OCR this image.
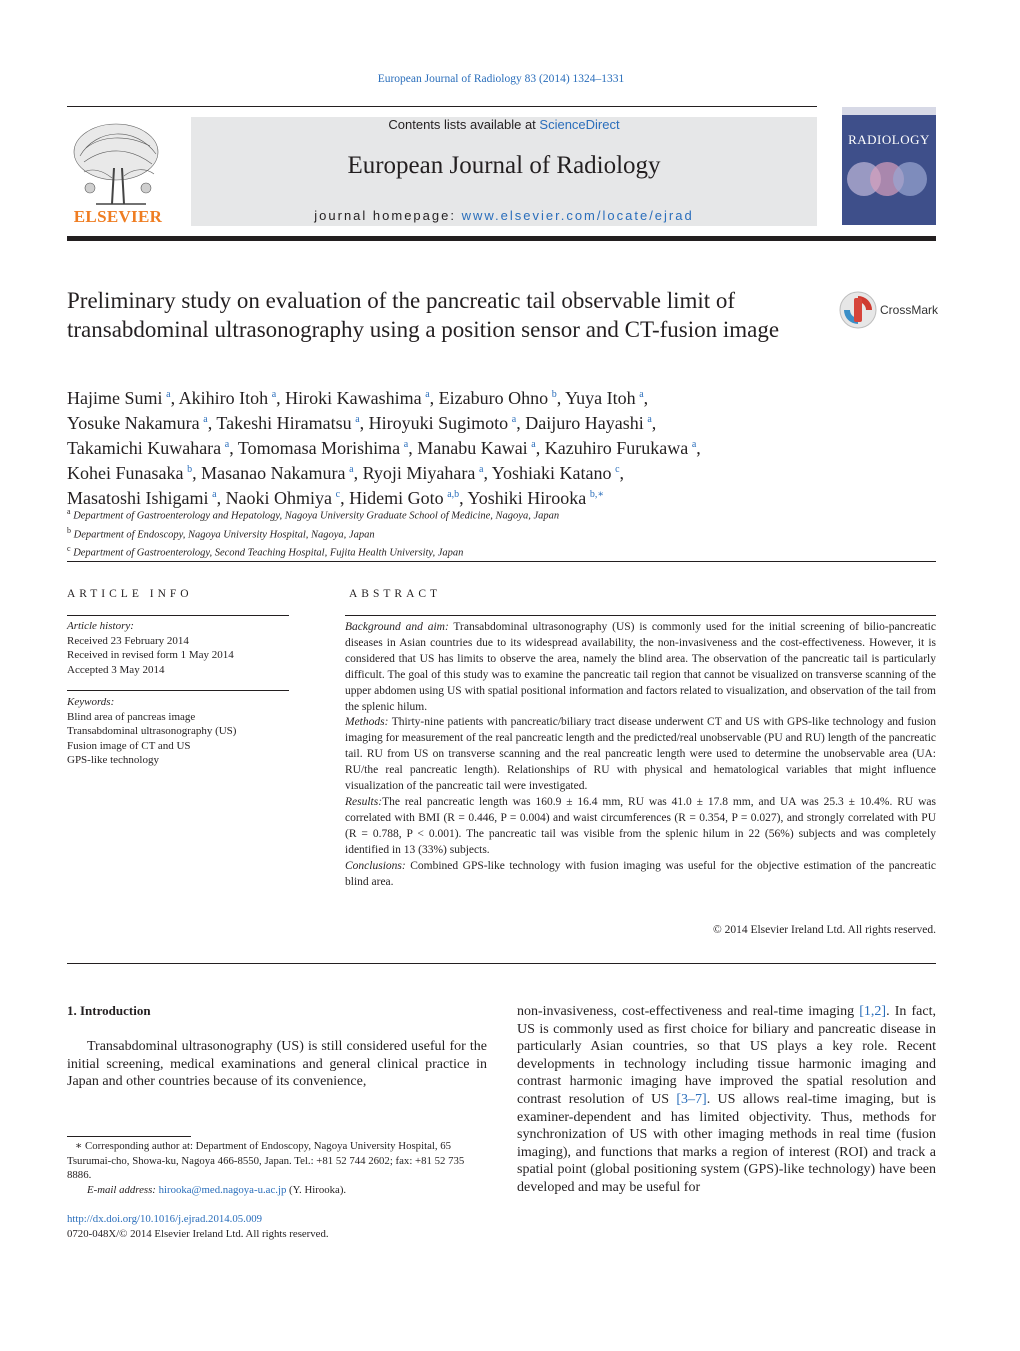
European Journal of Radiology 83 (2014) 1324–1331
ELSEVIER
Contents lists available at ScienceDirect
European Journal of Radiology
journal homepage: www.elsevier.com/locate/ejrad
RADIOLOGY
Preliminary study on evaluation of the pancreatic tail observable limit of transabdominal ultrasonography using a position sensor and CT-fusion image
CrossMark
Hajime Sumi  $^a$, Akihiro Itoh  $^a$, Hiroki Kawashima  $^a$, Eizaburo Ohno  $^b$, Yuya Itoh  $^a$,
Yosuke Nakamura  $^a$, Takeshi Hiramatsu  $^a$, Hiroyuki Sugimoto  $^a$, Daijuro Hayashi  $^a$,
Takamichi Kuwahara  $^a$, Tomomasa Morishima  $^a$, Manabu Kawai  $^a$, Kazuhiro Furukawa  $^a$,
Kohei Funasaka  $^b$, Masanao Nakamura  $^a$, Ryoji Miyahara  $^a$, Yoshiaki Katano  $^c$,
Masatoshi Ishigami  $^a$, Naoki Ohmiya  $^c$, Hidemi Goto  $^{a,b}$, Yoshiki Hirooka  $^{b,∗}$
$^a$ Department of Gastroenterology and Hepatology, Nagoya University Graduate School of Medicine, Nagoya, Japan
$^b$ Department of Endoscopy, Nagoya University Hospital, Nagoya, Japan
$^c$ Department of Gastroenterology, Second Teaching Hospital, Fujita Health University, Japan
ARTICLE INFO
Article history:
Received 23 February 2014
Received in revised form 1 May 2014
Accepted 3 May 2014
Keywords:
Blind area of pancreas image
Transabdominal ultrasonography (US)
Fusion image of CT and US
GPS-like technology
ABSTRACT

Background and aim: Transabdominal ultrasonography (US) is commonly used for the initial screening of bilio-pancreatic diseases in Asian countries due to its widespread availability, the non-invasiveness and the cost-effectiveness. However, it is considered that US has limits to observe the area, namely the blind area. The observation of the pancreatic tail is particularly difficult. The goal of this study was to examine the pancreatic tail region that cannot be visualized on transverse scanning of the upper abdomen using US with spatial positional information and factors related to visualization, and observation of the tail from the splenic hilum.

Methods: Thirty-nine patients with pancreatic/biliary tract disease underwent CT and US with GPS-like technology and fusion imaging for measurement of the real pancreatic length and the predicted/real unobservable (PU and RU) length of the pancreatic tail. RU from US on transverse scanning and the real pancreatic length were used to determine the unobservable area (UA: RU/the real pancreatic length). Relationships of RU with physical and hematological variables that might influence visualization of the pancreatic tail were investigated.

Results:The real pancreatic length was 160.9 ± 16.4 mm, RU was 41.0 ± 17.8 mm, and UA was 25.3 ± 10.4%. RU was correlated with BMI (R = 0.446, P = 0.004) and waist circumferences (R = 0.354, P = 0.027), and strongly correlated with PU (R = 0.788, P < 0.001). The pancreatic tail was visible from the splenic hilum in 22 (56%) subjects and was completely identified in 13 (33%) subjects.

Conclusions: Combined GPS-like technology with fusion imaging was useful for the objective estimation of the pancreatic blind area.

© 2014 Elsevier Ireland Ltd. All rights reserved.
1. Introduction
Transabdominal ultrasonography (US) is still considered useful for the initial screening, medical examinations and general clinical practice in Japan and other countries because of its convenience,
non-invasiveness, cost-effectiveness and real-time imaging [1,2]. In fact, US is commonly used as first choice for biliary and pancreatic disease in particularly Asian countries, so that US plays a key role. Recent developments in technology including tissue harmonic imaging and contrast harmonic imaging have improved the spatial resolution and contrast resolution of US [3–7]. US allows real-time imaging, but is examiner-dependent and has limited objectivity. Thus, methods for synchronization of US with other imaging methods in real time (fusion imaging), and functions that marks a region of interest (ROI) and track a spatial point (global positioning system (GPS)-like technology) have been developed and may be useful for
∗ Corresponding author at: Department of Endoscopy, Nagoya University Hospital, 65 Tsurumai-cho, Showa-ku, Nagoya 466-8550, Japan. Tel.: +81 52 744 2602; fax: +81 52 735 8886.
E-mail address: hirooka@med.nagoya-u.ac.jp (Y. Hirooka).
http://dx.doi.org/10.1016/j.ejrad.2014.05.009
0720-048X/© 2014 Elsevier Ireland Ltd. All rights reserved.
